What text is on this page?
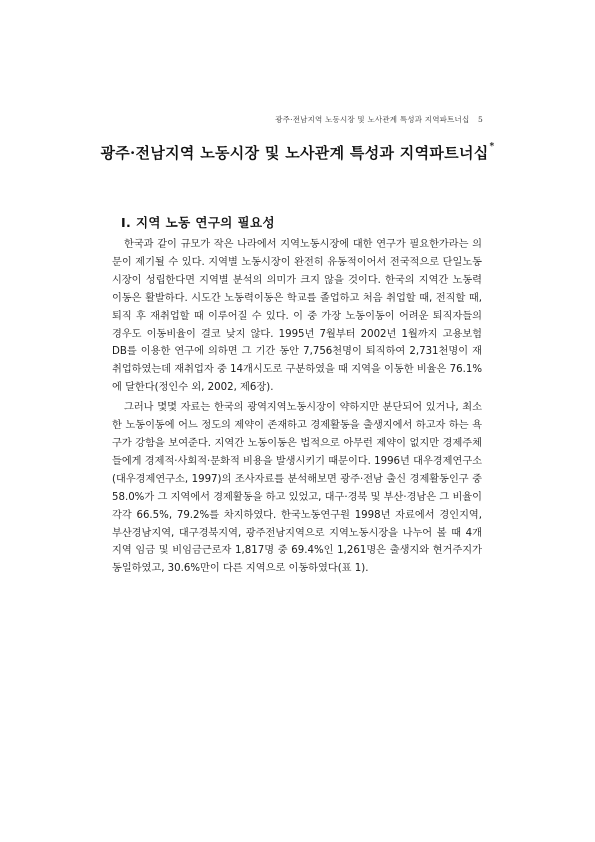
광주·전남지역 노동시장 및 노사관계 특성과 지역파트너십 5
광주·전남지역 노동시장 및 노사관계 특성과 지역파트너십*
Ⅰ. 지역 노동 연구의 필요성

한국과 같이 규모가 작은 나라에서 지역노동시장에 대한 연구가 필요한가라는 의문이 제기될 수 있다. 지역별 노동시장이 완전히 유동적이어서 전국적으로 단일노동시장이 성립한다면 지역별 분석의 의미가 크지 않을 것이다. 한국의 지역간 노동력 이동은 활발하다. 시도간 노동력이동은 학교를 졸업하고 처음 취업할 때, 전직할 때, 퇴직 후 재취업할 때 이루어질 수 있다. 이 중 가장 노동이동이 어려운 퇴직자들의 경우도 이동비율이 결코 낮지 않다. 1995년 7월부터 2002년 1월까지 고용보험 DB를 이용한 연구에 의하면 그 기간 동안 7,756천명이 퇴직하여 2,731천명이 재취업하였는데 재취업자 중 14개시도로 구분하였을 때 지역을 이동한 비율은 76.1%에 달한다(정인수 외, 2002, 제6장).

그러나 몇몇 자료는 한국의 광역지역노동시장이 약하지만 분단되어 있거나, 최소한 노동이동에 어느 정도의 제약이 존재하고 경제활동을 출생지에서 하고자 하는 욕구가 강함을 보여준다. 지역간 노동이동은 법적으로 아무런 제약이 없지만 경제주체들에게 경제적·사회적·문화적 비용을 발생시키기 때문이다. 1996년 대우경제연구소(대우경제연구소, 1997)의 조사자료를 분석해보면 광주·전남 출신 경제활동인구 중 58.0%가 그 지역에서 경제활동을 하고 있었고, 대구·경북 및 부산·경남은 그 비율이 각각 66.5%, 79.2%를 차지하였다. 한국노동연구원 1998년 자료에서 경인지역, 부산경남지역, 대구경북지역, 광주전남지역으로 지역노동시장을 나누어 볼 때 4개 지역 임금 및 비임금근로자 1,817명 중 69.4%인 1,261명은 출생지와 현거주지가 동일하였고, 30.6%만이 다른 지역으로 이동하였다(표 1).
